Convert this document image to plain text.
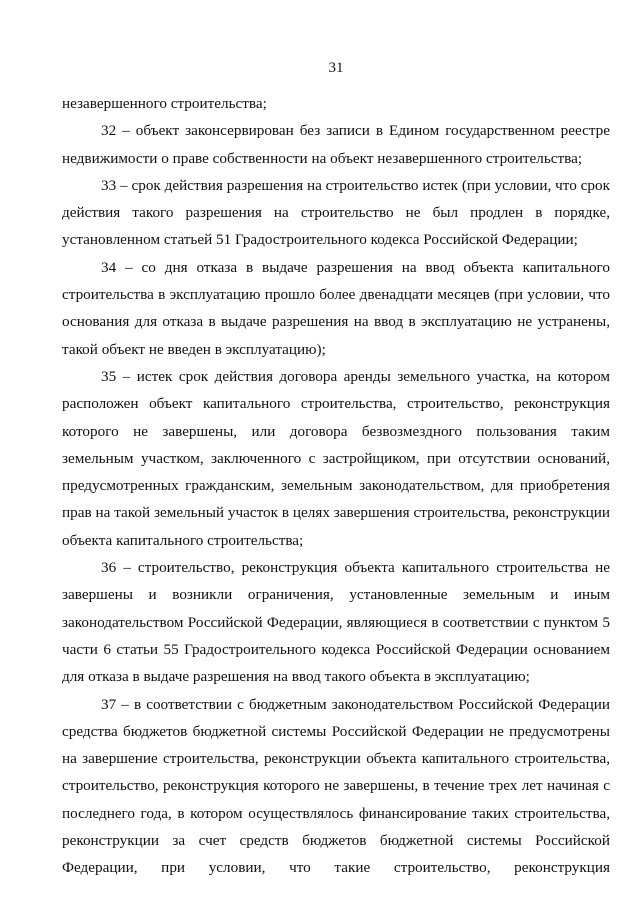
31

незавершенного строительства;

32 – объект законсервирован без записи в Едином государственном реестре недвижимости о праве собственности на объект незавершенного строительства;

33 – срок действия разрешения на строительство истек (при условии, что срок действия такого разрешения на строительство не был продлен в порядке, установленном статьей 51 Градостроительного кодекса Российской Федерации;

34 – со дня отказа в выдаче разрешения на ввод объекта капитального строительства в эксплуатацию прошло более двенадцати месяцев (при условии, что основания для отказа в выдаче разрешения на ввод в эксплуатацию не устранены, такой объект не введен в эксплуатацию);

35 – истек срок действия договора аренды земельного участка, на котором расположен объект капитального строительства, строительство, реконструкция которого не завершены, или договора безвозмездного пользования таким земельным участком, заключенного с застройщиком, при отсутствии оснований, предусмотренных гражданским, земельным законодательством, для приобретения прав на такой земельный участок в целях завершения строительства, реконструкции объекта капитального строительства;

36 – строительство, реконструкция объекта капитального строительства не завершены и возникли ограничения, установленные земельным и иным законодательством Российской Федерации, являющиеся в соответствии с пунктом 5 части 6 статьи 55 Градостроительного кодекса Российской Федерации основанием для отказа в выдаче разрешения на ввод такого объекта в эксплуатацию;

37 – в соответствии с бюджетным законодательством Российской Федерации средства бюджетов бюджетной системы Российской Федерации не предусмотрены на завершение строительства, реконструкции объекта капитального строительства, строительство, реконструкция которого не завершены, в течение трех лет начиная с последнего года, в котором осуществлялось финансирование таких строительства, реконструкции за счет средств бюджетов бюджетной системы Российской Федерации, при условии, что такие строительство, реконструкция
